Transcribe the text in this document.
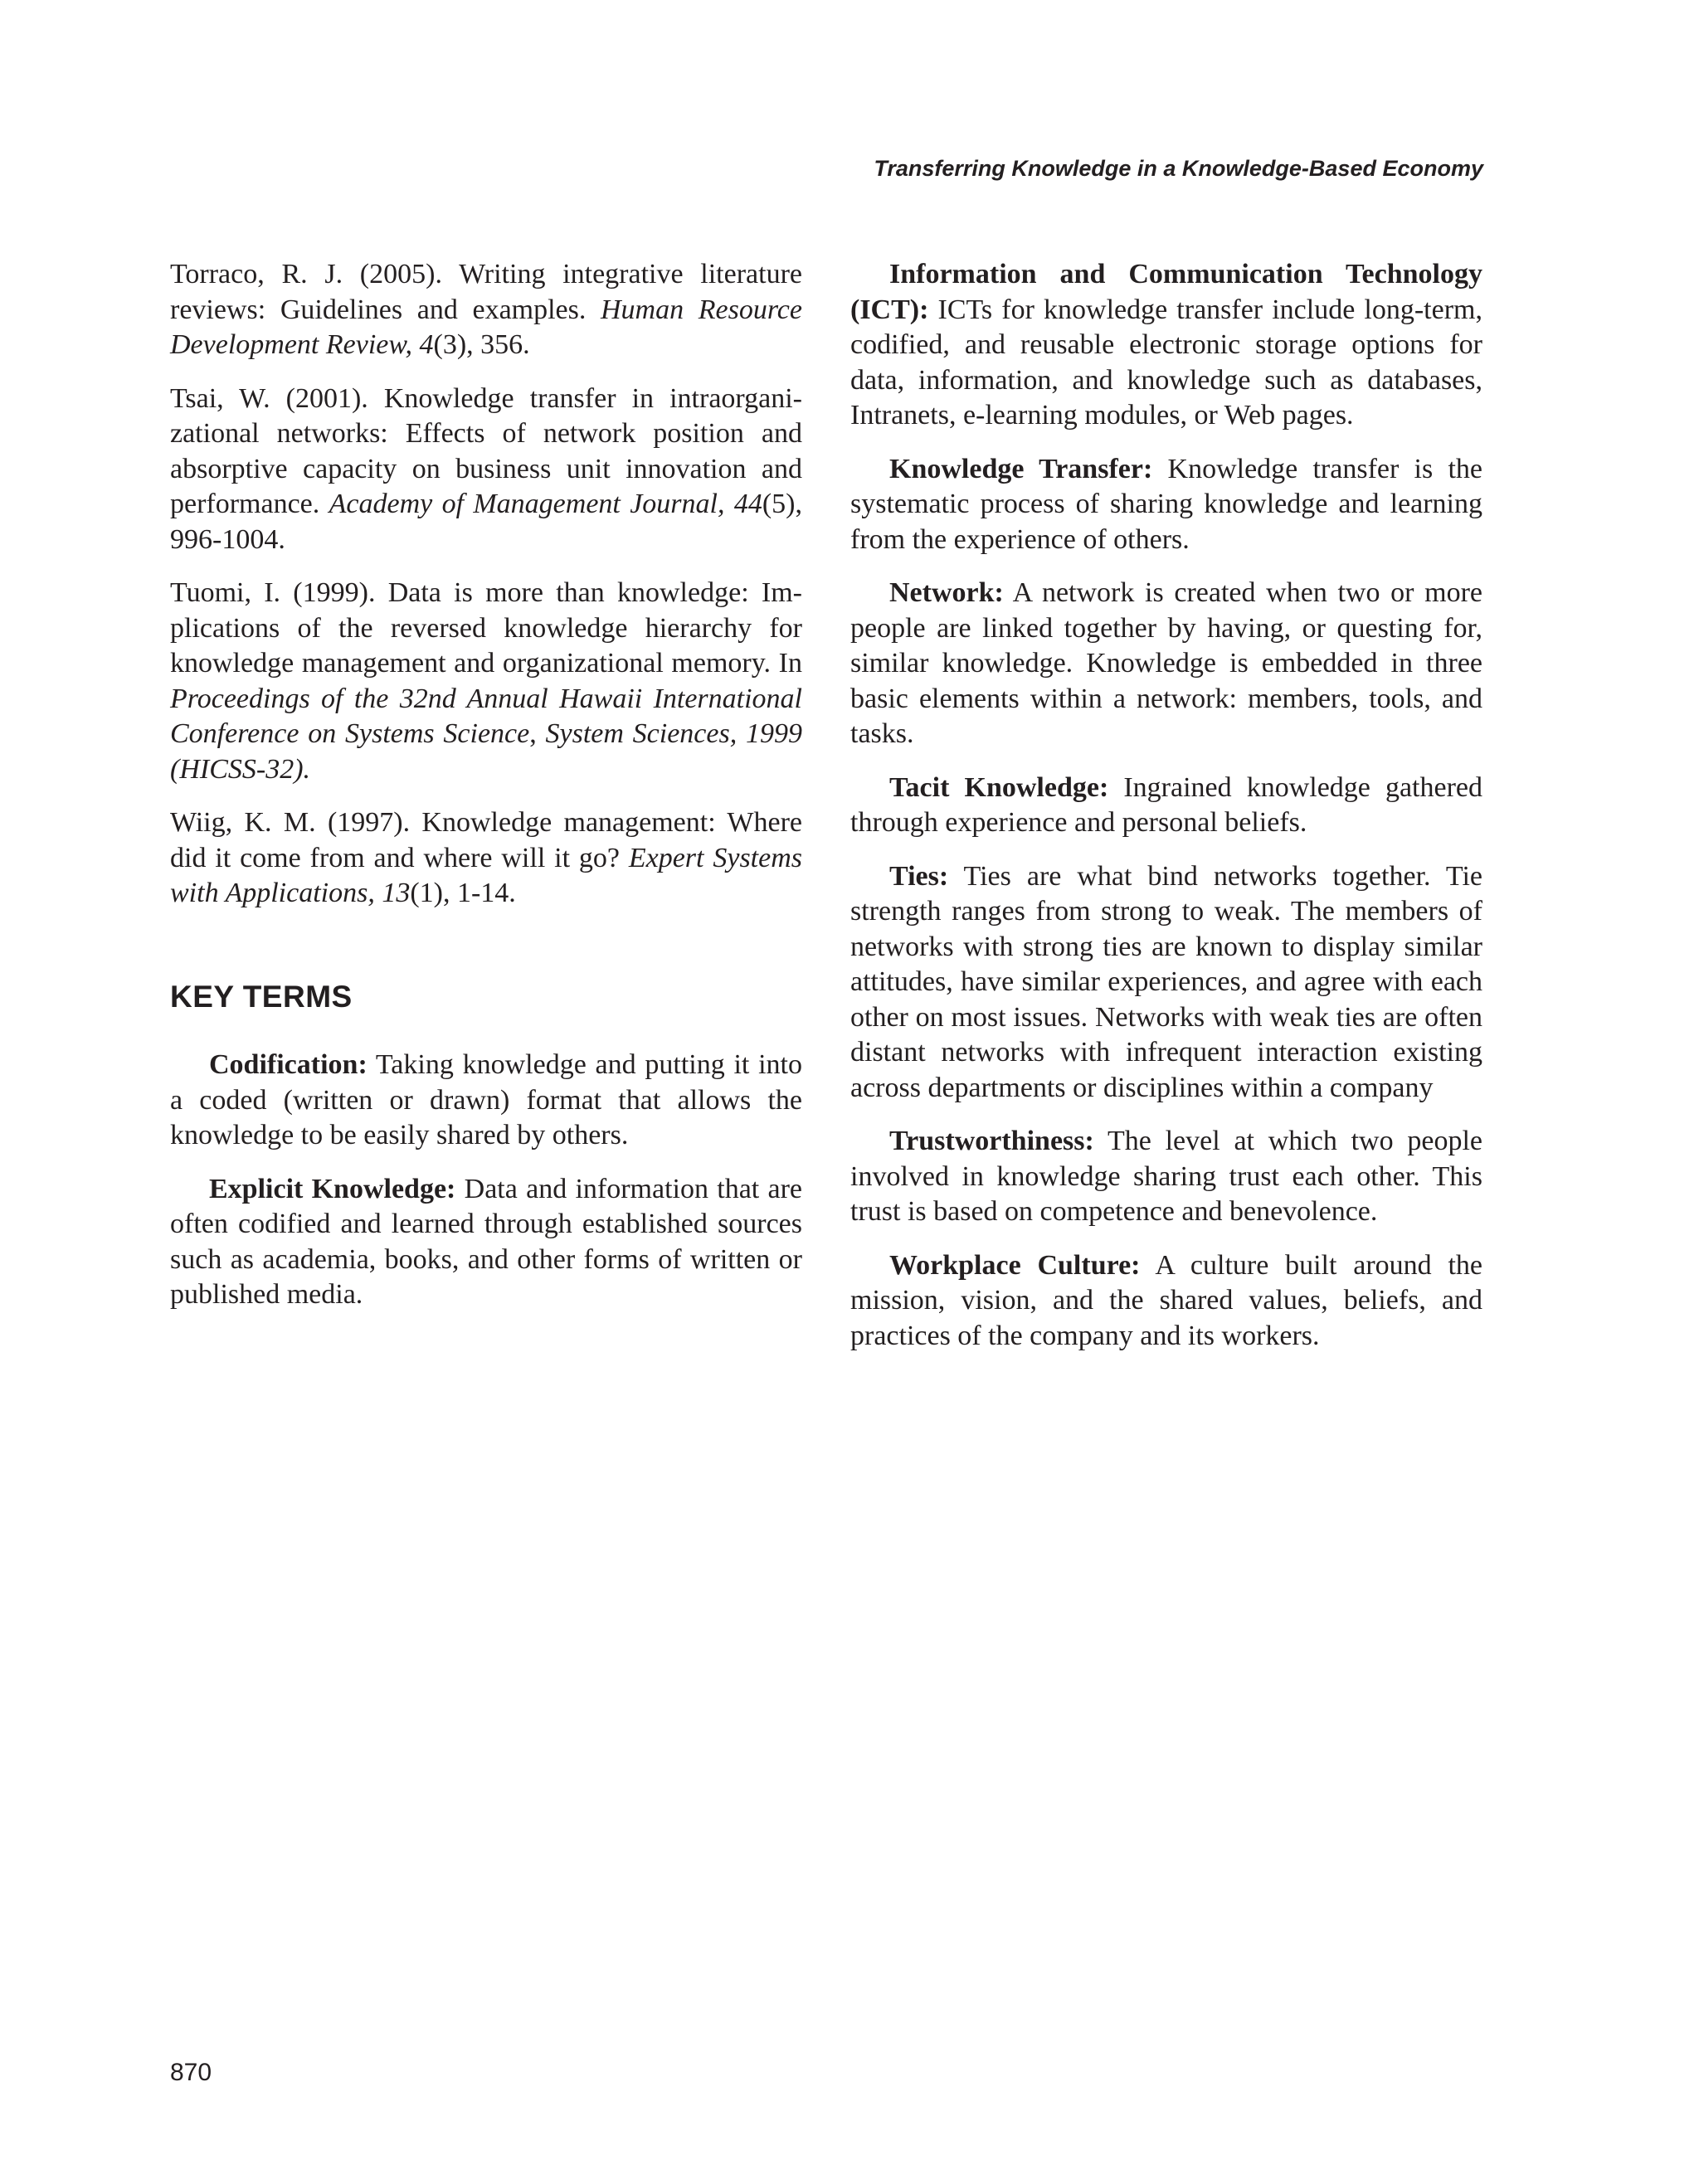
Transferring Knowledge in a Knowledge-Based Economy

Torraco, R. J. (2005). Writing integrative literature reviews: Guidelines and examples. Human Resource Development Review, 4(3), 356.

Tsai, W. (2001). Knowledge transfer in intraorganizational networks: Effects of network position and absorptive capacity on business unit innovation and performance. Academy of Management Journal, 44(5), 996-1004.

Tuomi, I. (1999). Data is more than knowledge: Implications of the reversed knowledge hierarchy for knowledge management and organizational memory. In Proceedings of the 32nd Annual Hawaii International Conference on Systems Science, System Sciences, 1999 (HICSS-32).

Wiig, K. M. (1997). Knowledge management: Where did it come from and where will it go? Expert Systems with Applications, 13(1), 1-14.

KEY TERMS

Codification: Taking knowledge and putting it into a coded (written or drawn) format that allows the knowledge to be easily shared by others.

Explicit Knowledge: Data and information that are often codified and learned through established sources such as academia, books, and other forms of written or published media.

Information and Communication Technology (ICT): ICTs for knowledge transfer include long-term, codified, and reusable electronic storage options for data, information, and knowledge such as databases, Intranets, e-learning modules, or Web pages.

Knowledge Transfer: Knowledge transfer is the systematic process of sharing knowledge and learning from the experience of others.

Network: A network is created when two or more people are linked together by having, or questing for, similar knowledge. Knowledge is embedded in three basic elements within a network: members, tools, and tasks.

Tacit Knowledge: Ingrained knowledge gathered through experience and personal beliefs.

Ties: Ties are what bind networks together. Tie strength ranges from strong to weak. The members of networks with strong ties are known to display similar attitudes, have similar experiences, and agree with each other on most issues. Networks with weak ties are often distant networks with infrequent interaction existing across departments or disciplines within a company

Trustworthiness: The level at which two people involved in knowledge sharing trust each other. This trust is based on competence and benevolence.

Workplace Culture: A culture built around the mission, vision, and the shared values, beliefs, and practices of the company and its workers.

870
